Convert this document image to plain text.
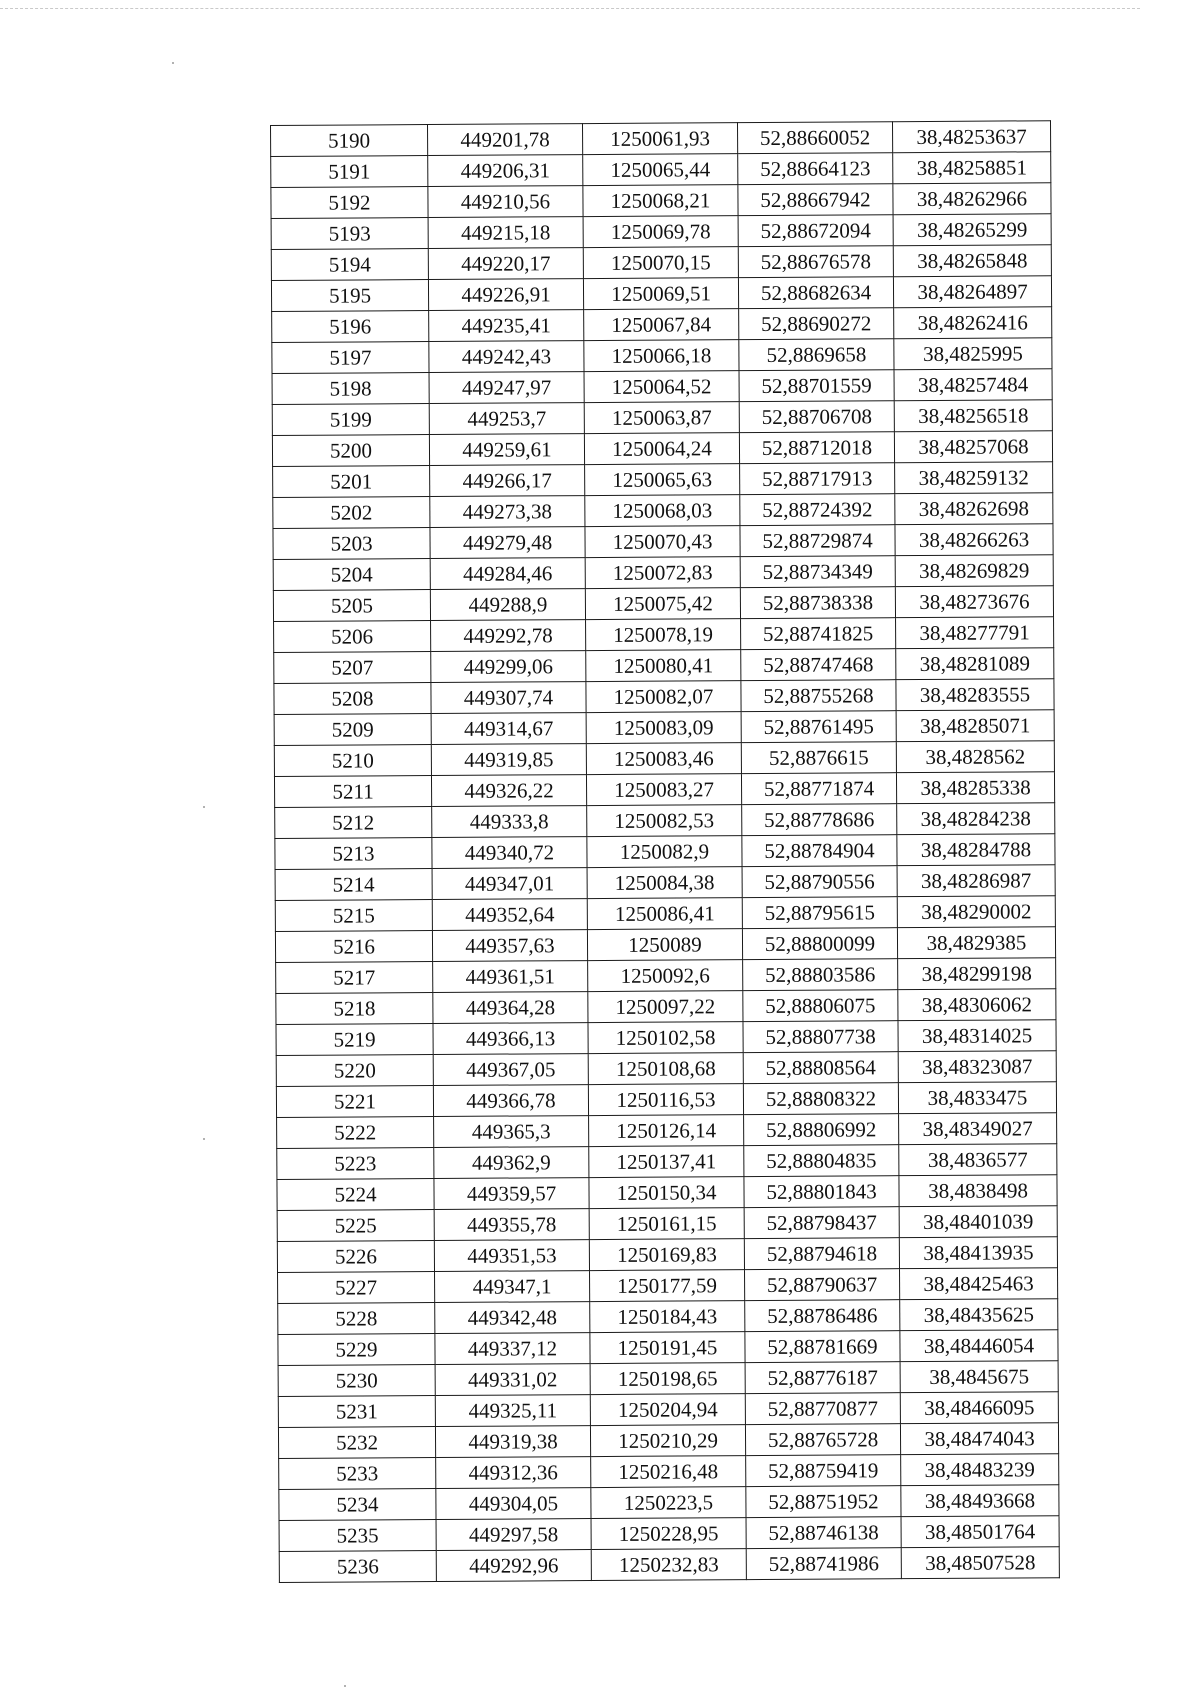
5190	449201,78	1250061,93	52,88660052	38,48253637
5191	449206,31	1250065,44	52,88664123	38,48258851
5192	449210,56	1250068,21	52,88667942	38,48262966
5193	449215,18	1250069,78	52,88672094	38,48265299
5194	449220,17	1250070,15	52,88676578	38,48265848
5195	449226,91	1250069,51	52,88682634	38,48264897
5196	449235,41	1250067,84	52,88690272	38,48262416
5197	449242,43	1250066,18	52,8869658	38,4825995
5198	449247,97	1250064,52	52,88701559	38,48257484
5199	449253,7	1250063,87	52,88706708	38,48256518
5200	449259,61	1250064,24	52,88712018	38,48257068
5201	449266,17	1250065,63	52,88717913	38,48259132
5202	449273,38	1250068,03	52,88724392	38,48262698
5203	449279,48	1250070,43	52,88729874	38,48266263
5204	449284,46	1250072,83	52,88734349	38,48269829
5205	449288,9	1250075,42	52,88738338	38,48273676
5206	449292,78	1250078,19	52,88741825	38,48277791
5207	449299,06	1250080,41	52,88747468	38,48281089
5208	449307,74	1250082,07	52,88755268	38,48283555
5209	449314,67	1250083,09	52,88761495	38,48285071
5210	449319,85	1250083,46	52,8876615	38,4828562
5211	449326,22	1250083,27	52,88771874	38,48285338
5212	449333,8	1250082,53	52,88778686	38,48284238
5213	449340,72	1250082,9	52,88784904	38,48284788
5214	449347,01	1250084,38	52,88790556	38,48286987
5215	449352,64	1250086,41	52,88795615	38,48290002
5216	449357,63	1250089	52,88800099	38,4829385
5217	449361,51	1250092,6	52,88803586	38,48299198
5218	449364,28	1250097,22	52,88806075	38,48306062
5219	449366,13	1250102,58	52,88807738	38,48314025
5220	449367,05	1250108,68	52,88808564	38,48323087
5221	449366,78	1250116,53	52,88808322	38,4833475
5222	449365,3	1250126,14	52,88806992	38,48349027
5223	449362,9	1250137,41	52,88804835	38,4836577
5224	449359,57	1250150,34	52,88801843	38,4838498
5225	449355,78	1250161,15	52,88798437	38,48401039
5226	449351,53	1250169,83	52,88794618	38,48413935
5227	449347,1	1250177,59	52,88790637	38,48425463
5228	449342,48	1250184,43	52,88786486	38,48435625
5229	449337,12	1250191,45	52,88781669	38,48446054
5230	449331,02	1250198,65	52,88776187	38,4845675
5231	449325,11	1250204,94	52,88770877	38,48466095
5232	449319,38	1250210,29	52,88765728	38,48474043
5233	449312,36	1250216,48	52,88759419	38,48483239
5234	449304,05	1250223,5	52,88751952	38,48493668
5235	449297,58	1250228,95	52,88746138	38,48501764
5236	449292,96	1250232,83	52,88741986	38,48507528
